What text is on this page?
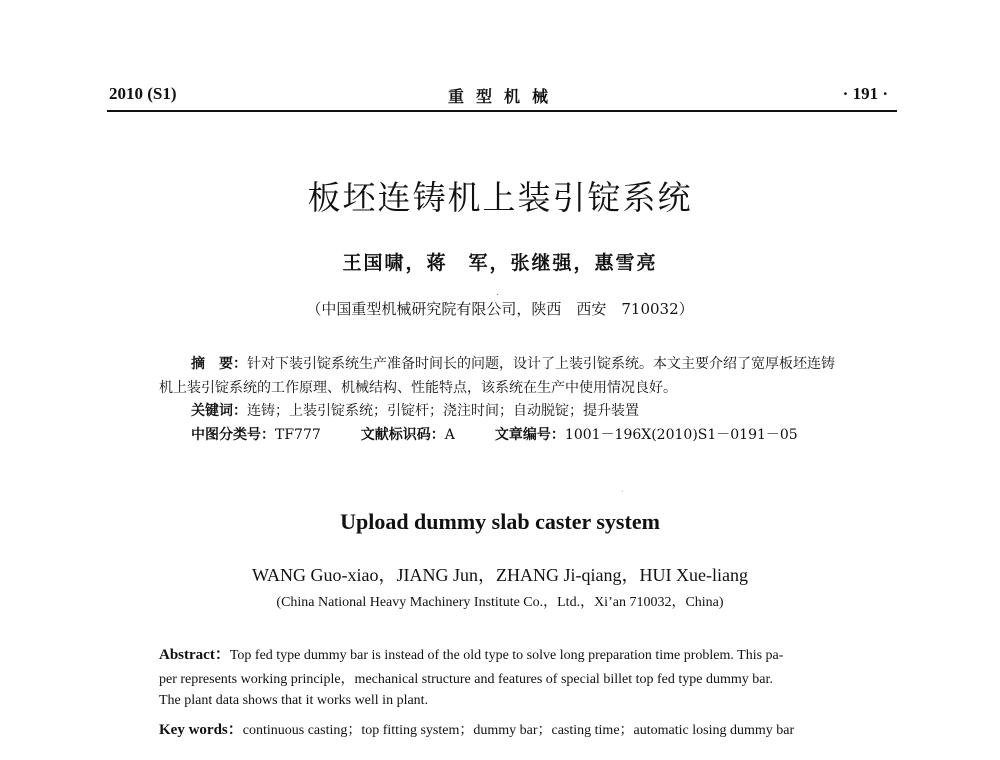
2010 (S1)	重 型 机 械	· 191 ·
板坯连铸机上装引锭系统
王国啸，蒋　军，张继强，惠雪亮
·
（中国重型机械研究院有限公司，陕西　西安　710032）
摘　要：针对下装引锭系统生产准备时间长的问题，设计了上装引锭系统。本文主要介绍了宽厚板坯连铸机上装引锭系统的工作原理、机械结构、性能特点，该系统在生产中使用情况良好。
关键词：连铸；上装引锭系统；引锭杆；浇注时间；自动脱锭；提升装置
中图分类号：TF777	文献标识码：A	文章编号：1001－196X(2010)S1－0191－05
·
Upload dummy slab caster system
WANG Guo-xiao，JIANG Jun，ZHANG Ji-qiang，HUI Xue-liang
(China National Heavy Machinery Institute Co.，Ltd.，Xi’an 710032，China)
Abstract：Top fed type dummy bar is instead of the old type to solve long preparation time problem. This pa-
per represents working principle，mechanical structure and features of special billet top fed type dummy bar.
The plant data shows that it works well in plant.
Key words：continuous casting；top fitting system；dummy bar；casting time；automatic losing dummy bar
